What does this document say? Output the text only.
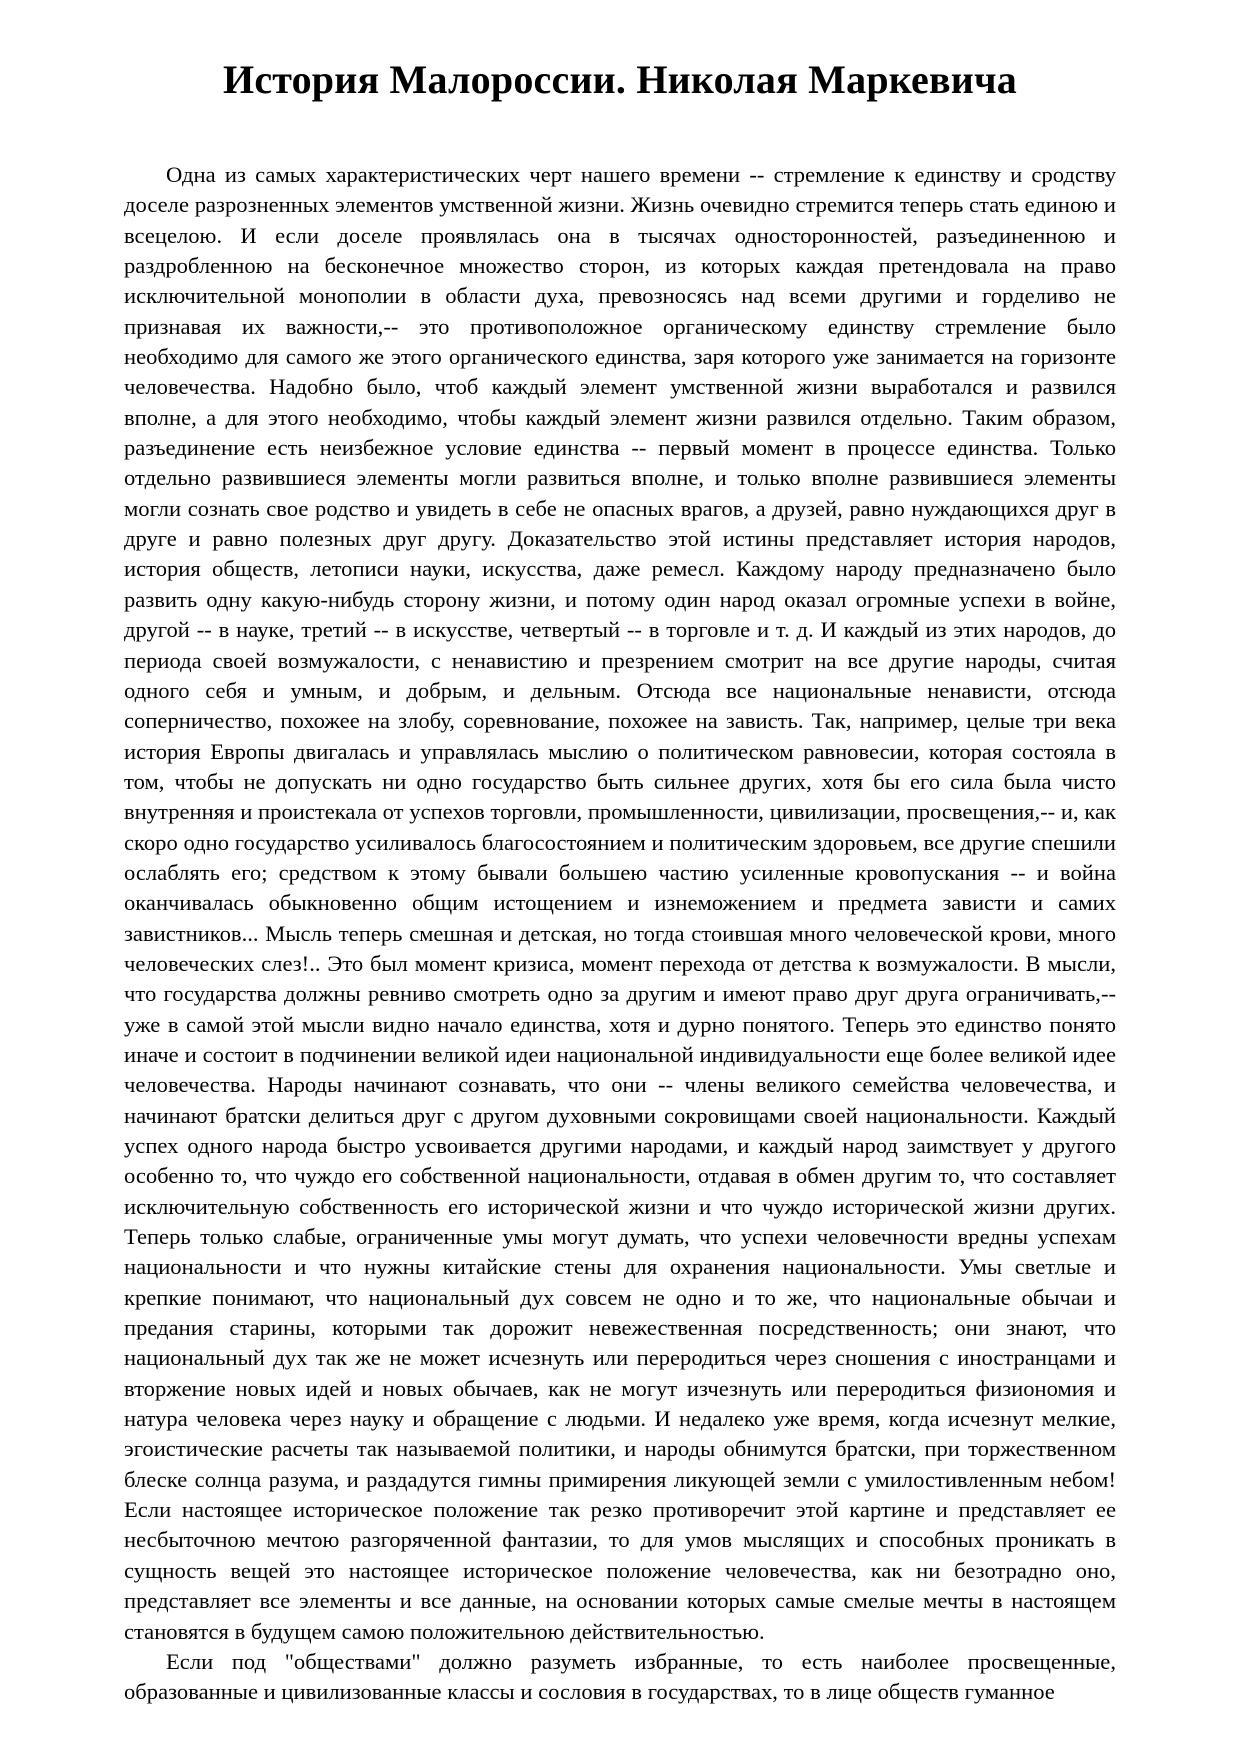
История Малороссии. Николая Маркевича

Одна из самых характеристических черт нашего времени -- стремление к единству и сродству доселе разрозненных элементов умственной жизни. Жизнь очевидно стремится теперь стать единою и всецелою. И если доселе проявлялась она в тысячах односторонностей, разъединенною и раздробленною на бесконечное множество сторон, из которых каждая претендовала на право исключительной монополии в области духа, превозносясь над всеми другими и горделиво не признавая их важности,-- это противоположное органическому единству стремление было необходимо для самого же этого органического единства, заря которого уже занимается на горизонте человечества. Надобно было, чтоб каждый элемент умственной жизни выработался и развился вполне, а для этого необходимо, чтобы каждый элемент жизни развился отдельно. Таким образом, разъединение есть неизбежное условие единства -- первый момент в процессе единства. Только отдельно развившиеся элементы могли развиться вполне, и только вполне развившиеся элементы могли сознать свое родство и увидеть в себе не опасных врагов, а друзей, равно нуждающихся друг в друге и равно полезных друг другу. Доказательство этой истины представляет история народов, история обществ, летописи науки, искусства, даже ремесл. Каждому народу предназначено было развить одну какую-нибудь сторону жизни, и потому один народ оказал огромные успехи в войне, другой -- в науке, третий -- в искусстве, четвертый -- в торговле и т. д. И каждый из этих народов, до периода своей возмужалости, с ненавистию и презрением смотрит на все другие народы, считая одного себя и умным, и добрым, и дельным. Отсюда все национальные ненависти, отсюда соперничество, похожее на злобу, соревнование, похожее на зависть. Так, например, целые три века история Европы двигалась и управлялась мыслию о политическом равновесии, которая состояла в том, чтобы не допускать ни одно государство быть сильнее других, хотя бы его сила была чисто внутренняя и проистекала от успехов торговли, промышленности, цивилизации, просвещения,-- и, как скоро одно государство усиливалось благосостоянием и политическим здоровьем, все другие спешили ослаблять его; средством к этому бывали большею частию усиленные кровопускания -- и война оканчивалась обыкновенно общим истощением и изнеможением и предмета зависти и самих завистников... Мысль теперь смешная и детская, но тогда стоившая много человеческой крови, много человеческих слез!.. Это был момент кризиса, момент перехода от детства к возмужалости. В мысли, что государства должны ревниво смотреть одно за другим и имеют право друг друга ограничивать,-- уже в самой этой мысли видно начало единства, хотя и дурно понятого. Теперь это единство понято иначе и состоит в подчинении великой идеи национальной индивидуальности еще более великой идее человечества. Народы начинают сознавать, что они -- члены великого семейства человечества, и начинают братски делиться друг с другом духовными сокровищами своей национальности. Каждый успех одного народа быстро усвоивается другими народами, и каждый народ заимствует у другого особенно то, что чуждо его собственной национальности, отдавая в обмен другим то, что составляет исключительную собственность его исторической жизни и что чуждо исторической жизни других. Теперь только слабые, ограниченные умы могут думать, что успехи человечности вредны успехам национальности и что нужны китайские стены для охранения национальности. Умы светлые и крепкие понимают, что национальный дух совсем не одно и то же, что национальные обычаи и предания старины, которыми так дорожит невежественная посредственность; они знают, что национальный дух так же не может исчезнуть или переродиться через сношения с иностранцами и вторжение новых идей и новых обычаев, как не могут изчезнуть или переродиться физиономия и натура человека через науку и обращение с людьми. И недалеко уже время, когда исчезнут мелкие, эгоистические расчеты так называемой политики, и народы обнимутся братски, при торжественном блеске солнца разума, и раздадутся гимны примирения ликующей земли с умилостивленным небом! Если настоящее историческое положение так резко противоречит этой картине и представляет ее несбыточною мечтою разгоряченной фантазии, то для умов мыслящих и способных проникать в сущность вещей это настоящее историческое положение человечества, как ни безотрадно оно, представляет все элементы и все данные, на основании которых самые смелые мечты в настоящем становятся в будущем самою положительною действительностью.

Если под "обществами" должно разуметь избранные, то есть наиболее просвещенные, образованные и цивилизованные классы и сословия в государствах, то в лице обществ гуманное
